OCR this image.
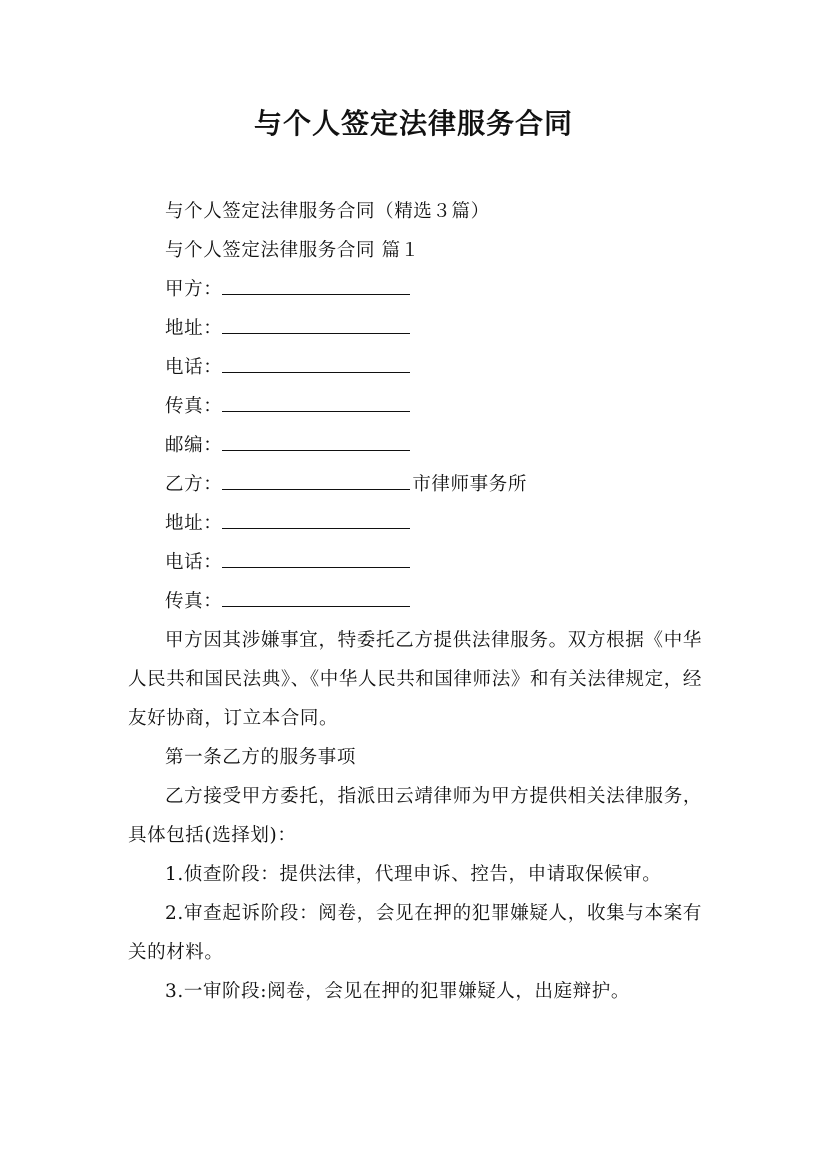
与个人签定法律服务合同

与个人签定法律服务合同（精选３篇）

与个人签定法律服务合同 篇１

甲方：

地址：

电话：

传真：

邮编：

乙方：	市律师事务所

地址：

电话：

传真：

甲方因其涉嫌事宜，特委托乙方提供法律服务。双方根据《中华人民共和国民法典》、《中华人民共和国律师法》和有关法律规定，经友好协商，订立本合同。

第一条乙方的服务事项

乙方接受甲方委托，指派田云靖律师为甲方提供相关法律服务，具体包括(选择划)：

1.侦查阶段：提供法律，代理申诉、控告，申请取保候审。

2.审查起诉阶段：阅卷，会见在押的犯罪嫌疑人，收集与本案有关的材料。

3.一审阶段:阅卷，会见在押的犯罪嫌疑人，出庭辩护。
